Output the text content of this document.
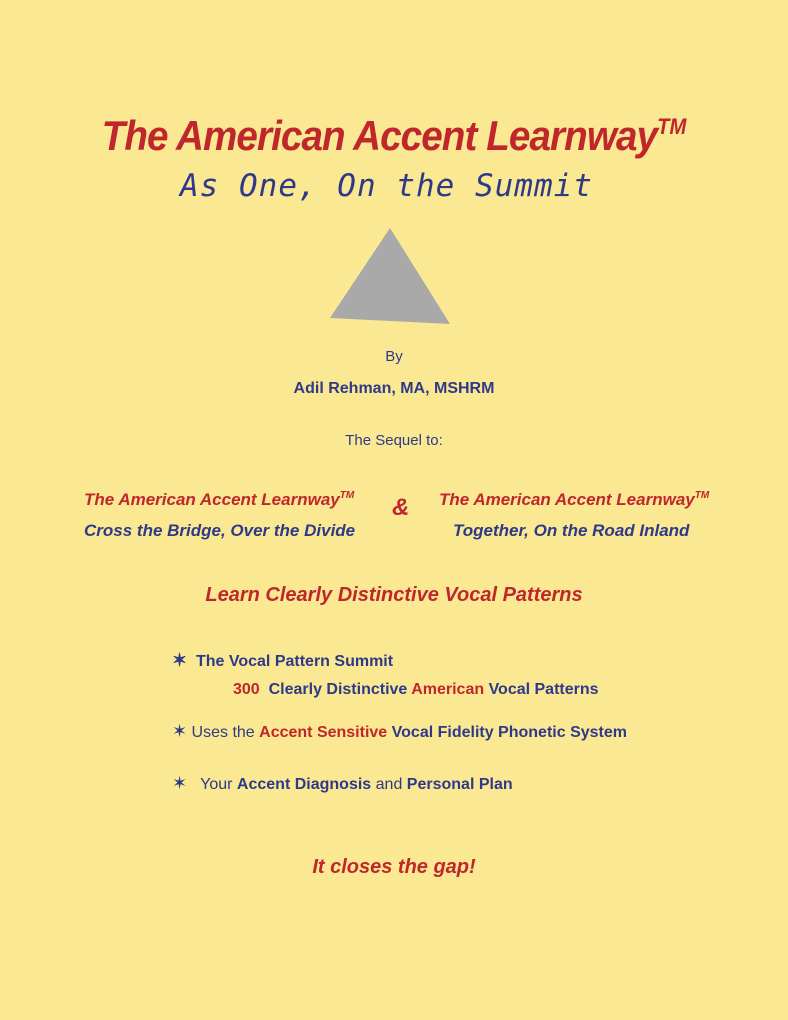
The American Accent Learnway™
As One, On the Summit
By
Adil Rehman, MA, MSHRM
The Sequel to:
The American Accent Learnway™
Cross the Bridge, Over the Divide
& The American Accent Learnway™
Together, On the Road Inland
Learn Clearly Distinctive Vocal Patterns
✶ The Vocal Pattern Summit
300 Clearly Distinctive American Vocal Patterns
✶ Uses the Accent Sensitive Vocal Fidelity Phonetic System
✶ Your Accent Diagnosis and Personal Plan
It closes the gap!
